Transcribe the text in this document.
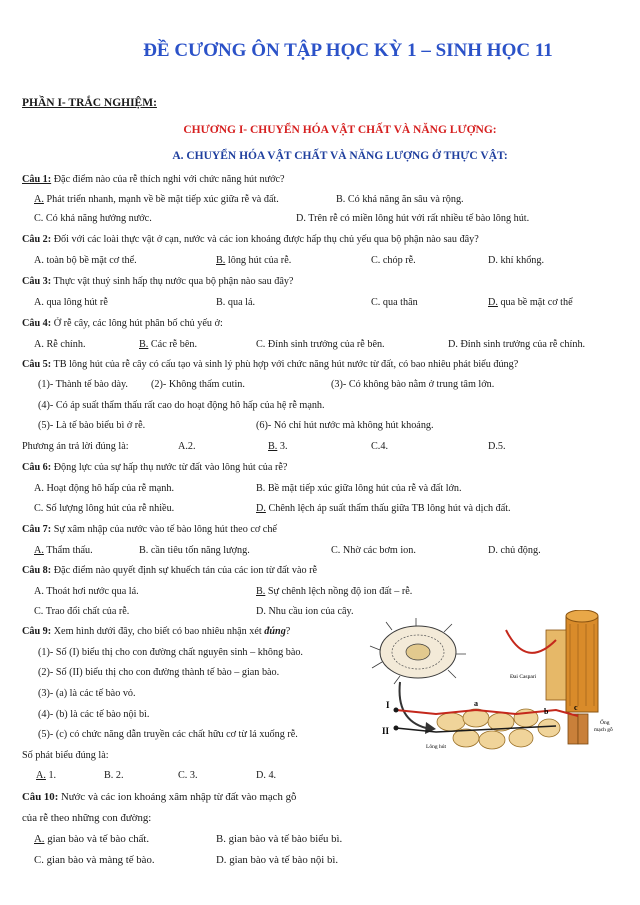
ĐỀ CƯƠNG ÔN TẬP HỌC KỲ 1 – SINH HỌC 11
PHẦN I- TRẮC NGHIỆM:
CHƯƠNG I- CHUYỂN HÓA VẬT CHẤT VÀ NĂNG LƯỢNG:
A. CHUYỂN HÓA VẬT CHẤT VÀ NĂNG LƯỢNG Ở THỰC VẬT:
Câu 1: Đặc điểm nào của rễ thích nghi với chức năng hút nước?
A. Phát triển nhanh, mạnh về bề mặt tiếp xúc giữa rễ và đất.	B. Có khả năng ăn sâu và rộng.
C. Có khả năng hướng nước.	D. Trên rễ có miền lông hút với rất nhiều tế bào lông hút.
Câu 2: Đối với các loài thực vật ở cạn, nước và các ion khoáng được hấp thụ chủ yếu qua bộ phận nào sau đây?
A. toàn bộ bề mặt cơ thể.	B. lông hút của rễ.	C. chóp rễ.	D. khí khổng.
Câu 3: Thực vật thuỷ sinh hấp thụ nước qua bộ phận nào sau đây?
A. qua lông hút rễ	B. qua lá.	C. qua thân	D. qua bề mặt cơ thể
Câu 4: Ở rễ cây, các lông hút phân bố chủ yếu ở:
A. Rễ chính.	B. Các rễ bên.	C. Đỉnh sinh trưởng của rễ bên.	D. Đỉnh sinh trưởng của rễ chính.
Câu 5: TB lông hút của rễ cây có cấu tạo và sinh lý phù hợp với chức năng hút nước từ đất, có bao nhiêu phát biểu đúng?
(1)- Thành tế bào dày. (2)- Không thấm cutin.	(3)- Có không bào nằm ở trung tâm lớn.
(4)- Có áp suất thẩm thấu rất cao do hoạt động hô hấp của hệ rễ mạnh.
(5)- Là tế bào biểu bì ở rễ.	(6)- Nó chỉ hút nước mà không hút khoáng.
Phương án trả lời đúng là:	A.2.	B. 3.	C.4.	D.5.
Câu 6: Động lực của sự hấp thụ nước từ đất vào lông hút của rễ?
A. Hoạt động hô hấp của rễ mạnh.	B. Bề mặt tiếp xúc giữa lông hút của rễ và đất lớn.
C. Số lượng lông hút của rễ nhiều.	D. Chênh lệch áp suất thẩm thấu giữa TB lông hút và dịch đất.
Câu 7: Sự xâm nhập của nước vào tế bào lông hút theo cơ chế
A. Thẩm thấu.	B. cần tiêu tốn năng lượng.	C. Nhờ các bơm ion.	D. chủ động.
Câu 8: Đặc điểm nào quyết định sự khuếch tán của các ion từ đất vào rễ
A. Thoát hơi nước qua lá.	B. Sự chênh lệch nồng độ ion đất – rễ.
C. Trao đổi chất của rễ.	D. Nhu cầu ion của cây.
Câu 9: Xem hình dưới đây, cho biết có bao nhiêu nhận xét đúng?
(1)- Số (I) biểu thị cho con đường chất nguyên sinh – không bào.
(2)- Số (II) biểu thị cho con đường thành tế bào – gian bào.
(3)- (a) là các tế bào vỏ.
(4)- (b) là các tế bào nội bì.
(5)- (c) có chức năng dẫn truyền các chất hữu cơ từ lá xuống rễ.
Số phát biểu đúng là:
A. 1.	B. 2.	C. 3.	D. 4.
Câu 10: Nước và các ion khoáng xâm nhập từ đất vào mạch gỗ
của rễ theo những con đường:
A. gian bào và tế bào chất.	B. gian bào và tế bào biểu bì.
C. gian bào và màng tế bào.	D. gian bào và tế bào nội bì.
I
II
a
b	c
Lông hút
Đai Caspari
Ống
mạch gỗ
